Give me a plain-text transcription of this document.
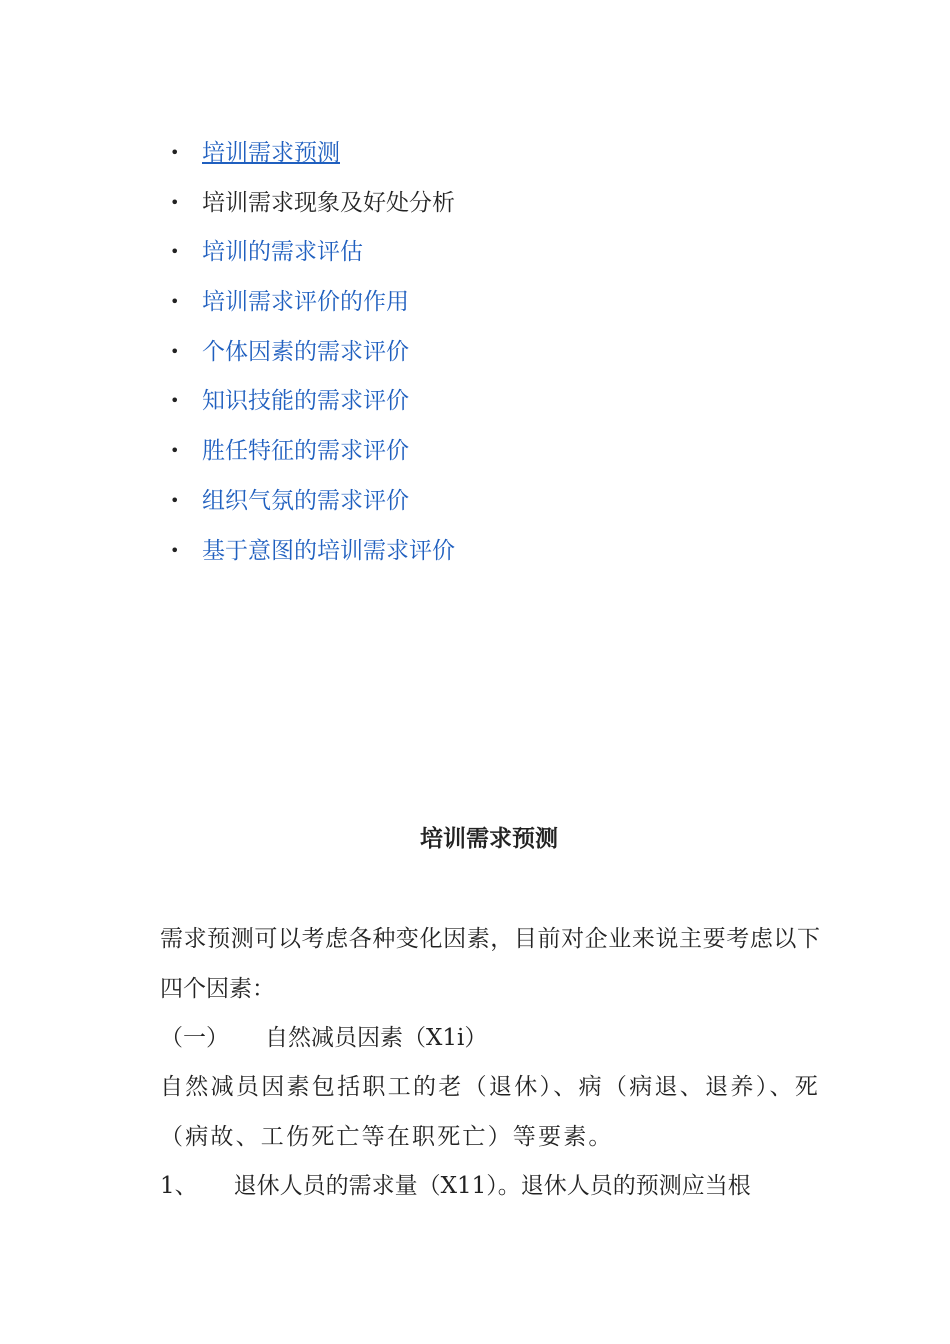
• 培训需求预测
• 培训需求现象及好处分析
• 培训的需求评估
• 培训需求评价的作用
• 个体因素的需求评价
• 知识技能的需求评价
• 胜任特征的需求评价
• 组织气氛的需求评价
• 基于意图的培训需求评价
培训需求预测

需求预测可以考虑各种变化因素，目前对企业来说主要考虑以下四个因素：

（一） 自然减员因素（X1i）

自然减员因素包括职工的老（退休）、病（病退、退养）、死（病故、工伤死亡等在职死亡）等要素。

1、 退休人员的需求量（X11）。退休人员的预测应当根
